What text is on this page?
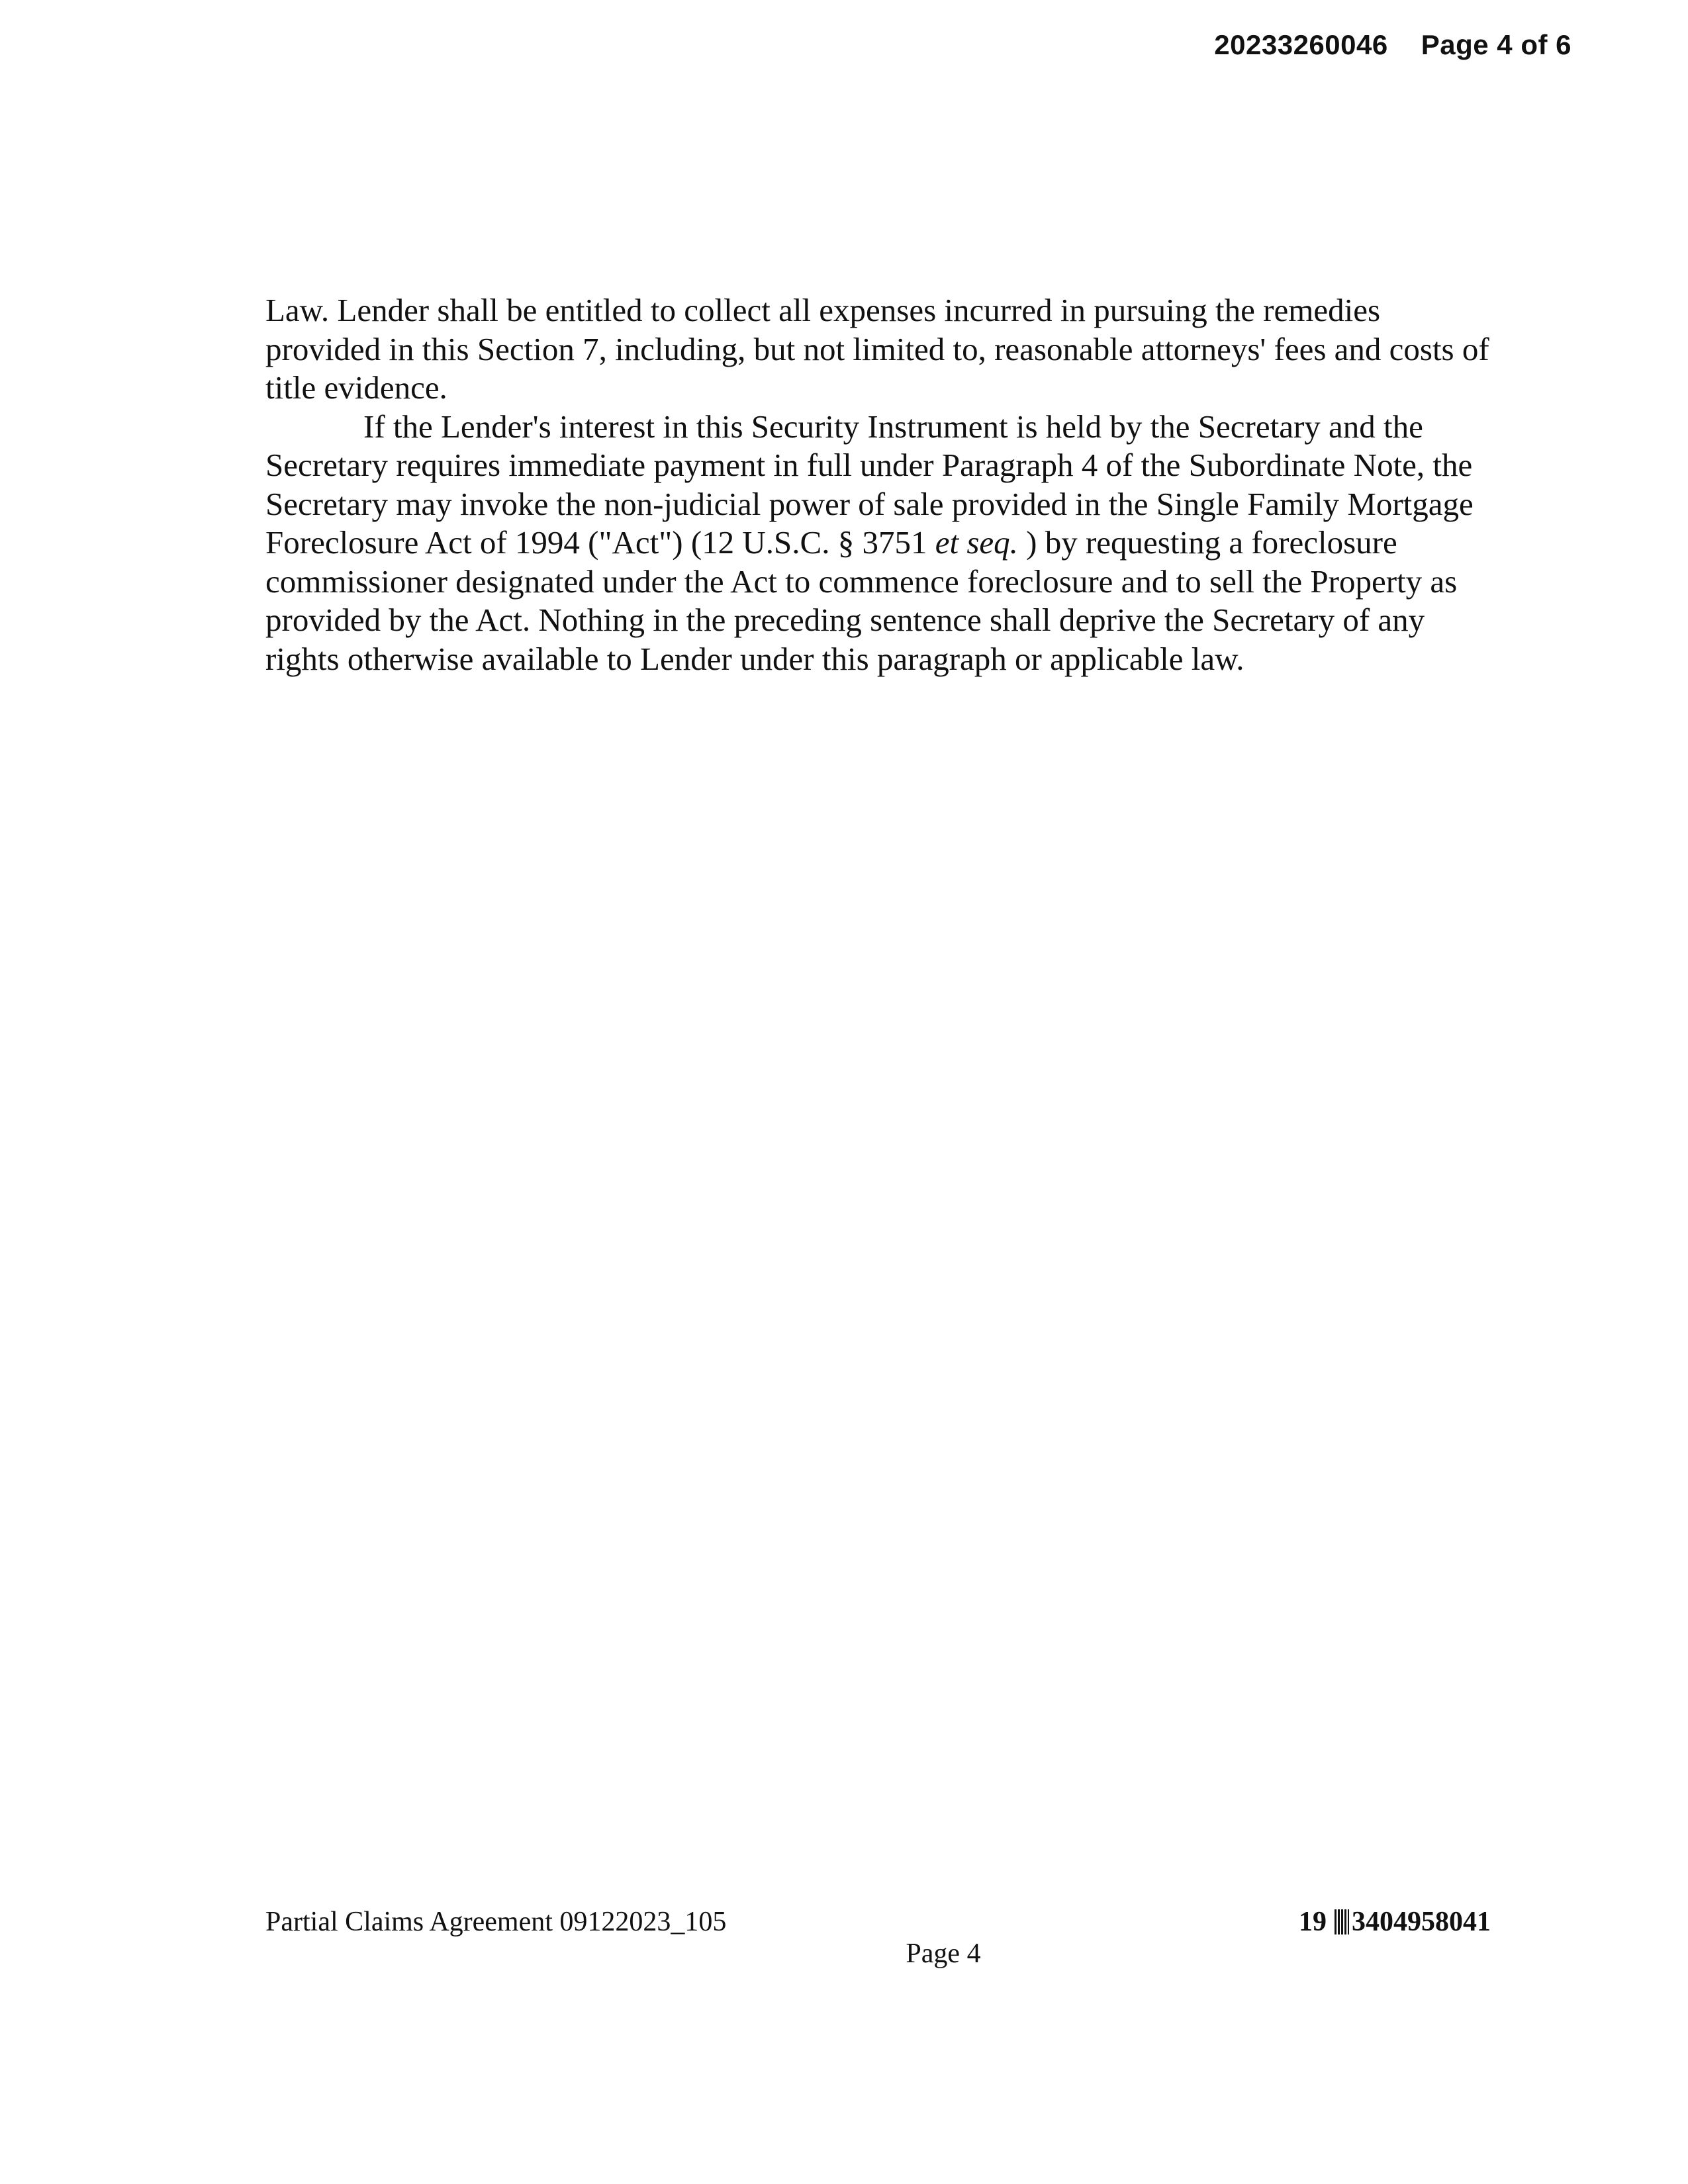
20233260046 Page 4 of 6

Law. Lender shall be entitled to collect all expenses incurred in pursuing the remedies provided in this Section 7, including, but not limited to, reasonable attorneys' fees and costs of title evidence.

If the Lender's interest in this Security Instrument is held by the Secretary and the Secretary requires immediate payment in full under Paragraph 4 of the Subordinate Note, the Secretary may invoke the non-judicial power of sale provided in the Single Family Mortgage Foreclosure Act of 1994 ("Act") (12 U.S.C. § 3751 et seq. ) by requesting a foreclosure commissioner designated under the Act to commence foreclosure and to sell the Property as provided by the Act. Nothing in the preceding sentence shall deprive the Secretary of any rights otherwise available to Lender under this paragraph or applicable law.

Partial Claims Agreement 09122023_105
Page 4
19 3404958041
